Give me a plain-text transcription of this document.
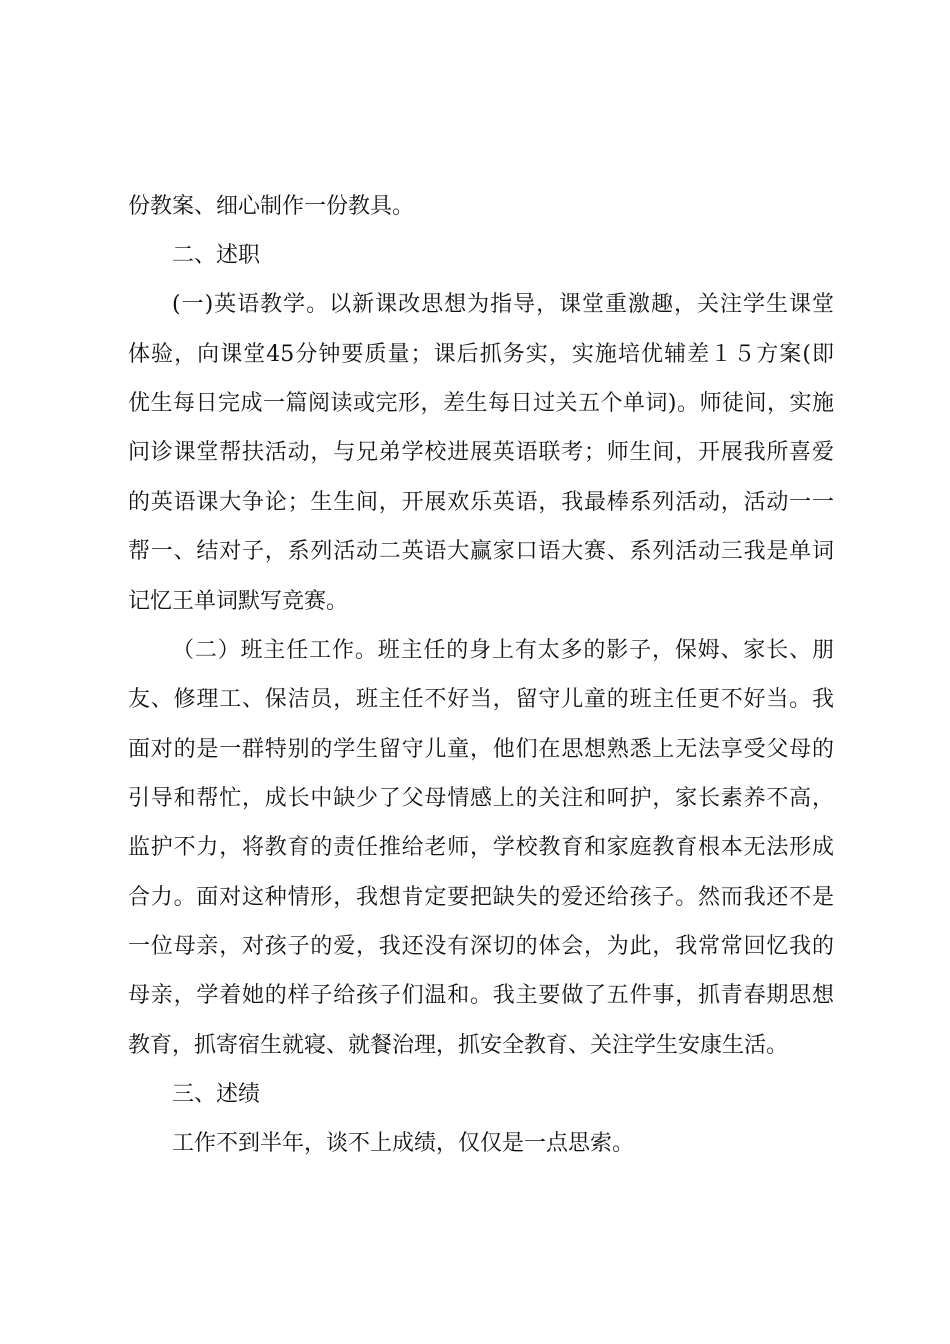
份教案、细心制作一份教具。
二、述职
(一)英语教学。以新课改思想为指导，课堂重激趣，关注学生课堂
体验，向课堂45分钟要质量；课后抓务实，实施培优辅差１５方案(即
优生每日完成一篇阅读或完形，差生每日过关五个单词)。师徒间，实施
问诊课堂帮扶活动，与兄弟学校进展英语联考；师生间，开展我所喜爱
的英语课大争论；生生间，开展欢乐英语，我最棒系列活动，活动一一
帮一、结对子，系列活动二英语大赢家口语大赛、系列活动三我是单词
记忆王单词默写竞赛。
（二）班主任工作。班主任的身上有太多的影子，保姆、家长、朋
友、修理工、保洁员，班主任不好当，留守儿童的班主任更不好当。我
面对的是一群特别的学生留守儿童，他们在思想熟悉上无法享受父母的
引导和帮忙，成长中缺少了父母情感上的关注和呵护，家长素养不高，
监护不力，将教育的责任推给老师，学校教育和家庭教育根本无法形成
合力。面对这种情形，我想肯定要把缺失的爱还给孩子。然而我还不是
一位母亲，对孩子的爱，我还没有深切的体会，为此，我常常回忆我的
母亲，学着她的样子给孩子们温和。我主要做了五件事，抓青春期思想
教育，抓寄宿生就寝、就餐治理，抓安全教育、关注学生安康生活。
三、述绩
工作不到半年，谈不上成绩，仅仅是一点思索。
